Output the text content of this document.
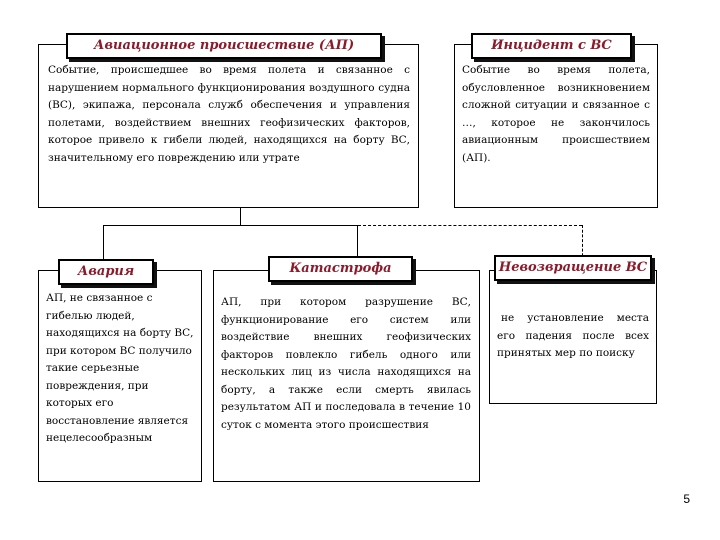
Событие, происшедшее во время полета и связанное с нарушением нормального функционирования воздушного судна (ВС), экипажа, персонала служб обеспечения и управления полетами, воздействием внешних геофизических факторов, которое привело к гибели людей, находящихся на борту ВС, значительному его повреждению или утрате
Авиационное происшествие (АП)
Событие во время полета, обусловленное возникновением сложной ситуации и связанное с …, которое не закончилось авиационным происшествием (АП).
Инцидент с ВС
АП, не связанное с гибелью людей, находящихся на борту ВС, при котором ВС получило такие серьезные повреждения, при которых его восстановление является нецелесообразным
Авария
АП, при котором разрушение ВС, функционирование его систем или воздействие внешних геофизических факторов повлекло гибель одного или нескольких лиц из числа находящихся на борту, а также если смерть явилась результатом АП и последовала в течение 10 суток с момента этого происшествия
Катастрофа
не установление места его падения после всех принятых мер по поиску
Невозвращение ВС
5
